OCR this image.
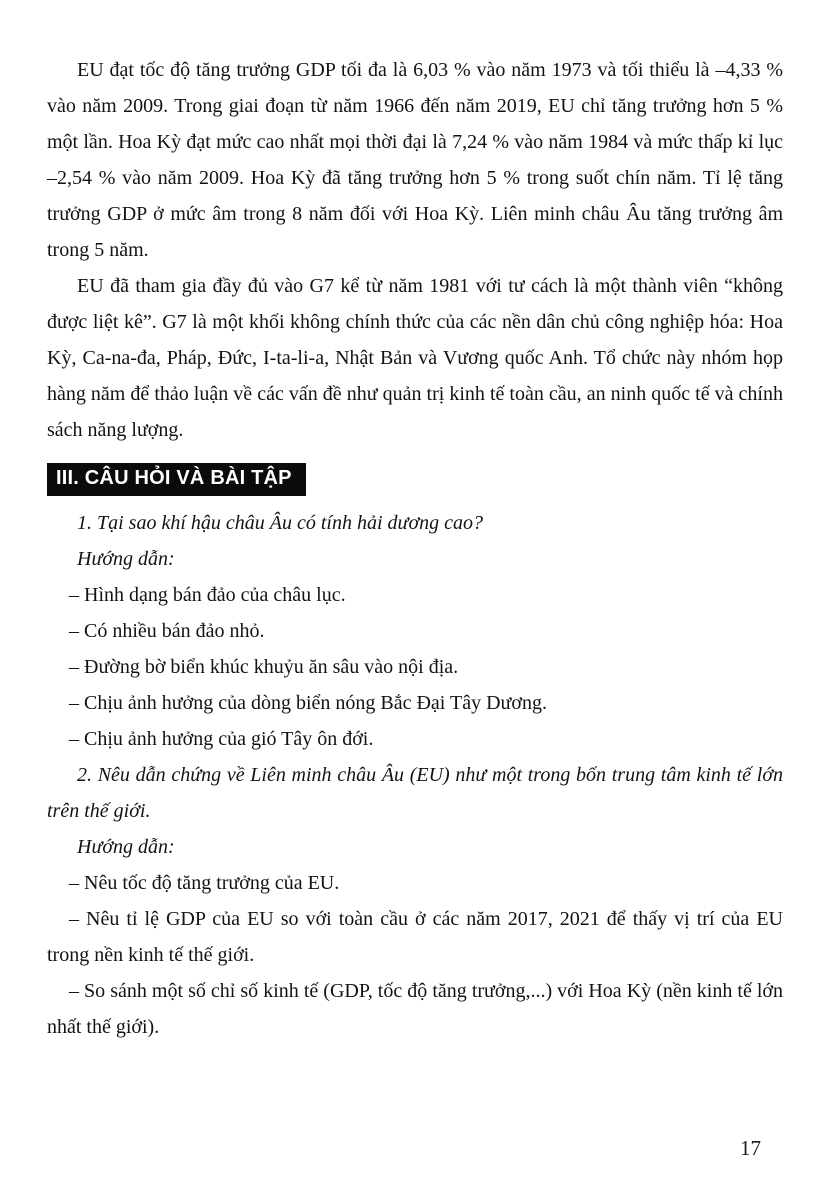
EU đạt tốc độ tăng trưởng GDP tối đa là 6,03 % vào năm 1973 và tối thiểu là –4,33 % vào năm 2009. Trong giai đoạn từ năm 1966 đến năm 2019, EU chỉ tăng trưởng hơn 5 % một lần. Hoa Kỳ đạt mức cao nhất mọi thời đại là 7,24 % vào năm 1984 và mức thấp kỉ lục –2,54 % vào năm 2009. Hoa Kỳ đã tăng trưởng hơn 5 % trong suốt chín năm. Tỉ lệ tăng trưởng GDP ở mức âm trong 8 năm đối với Hoa Kỳ. Liên minh châu Âu tăng trưởng âm trong 5 năm.

EU đã tham gia đầy đủ vào G7 kể từ năm 1981 với tư cách là một thành viên “không được liệt kê”. G7 là một khối không chính thức của các nền dân chủ công nghiệp hóa: Hoa Kỳ, Ca-na-đa, Pháp, Đức, I-ta-li-a, Nhật Bản và Vương quốc Anh. Tổ chức này nhóm họp hàng năm để thảo luận về các vấn đề như quản trị kinh tế toàn cầu, an ninh quốc tế và chính sách năng lượng.

III. CÂU HỎI VÀ BÀI TẬP

1. Tại sao khí hậu châu Âu có tính hải dương cao?

Hướng dẫn:

– Hình dạng bán đảo của châu lục.

– Có nhiều bán đảo nhỏ.

– Đường bờ biển khúc khuỷu ăn sâu vào nội địa.

– Chịu ảnh hưởng của dòng biển nóng Bắc Đại Tây Dương.

– Chịu ảnh hưởng của gió Tây ôn đới.

2. Nêu dẫn chứng về Liên minh châu Âu (EU) như một trong bốn trung tâm kinh tế lớn trên thế giới.

Hướng dẫn:

– Nêu tốc độ tăng trưởng của EU.

– Nêu tỉ lệ GDP của EU so với toàn cầu ở các năm 2017, 2021 để thấy vị trí của EU trong nền kinh tế thế giới.

– So sánh một số chỉ số kinh tế (GDP, tốc độ tăng trưởng,...) với Hoa Kỳ (nền kinh tế lớn nhất thế giới).

17
